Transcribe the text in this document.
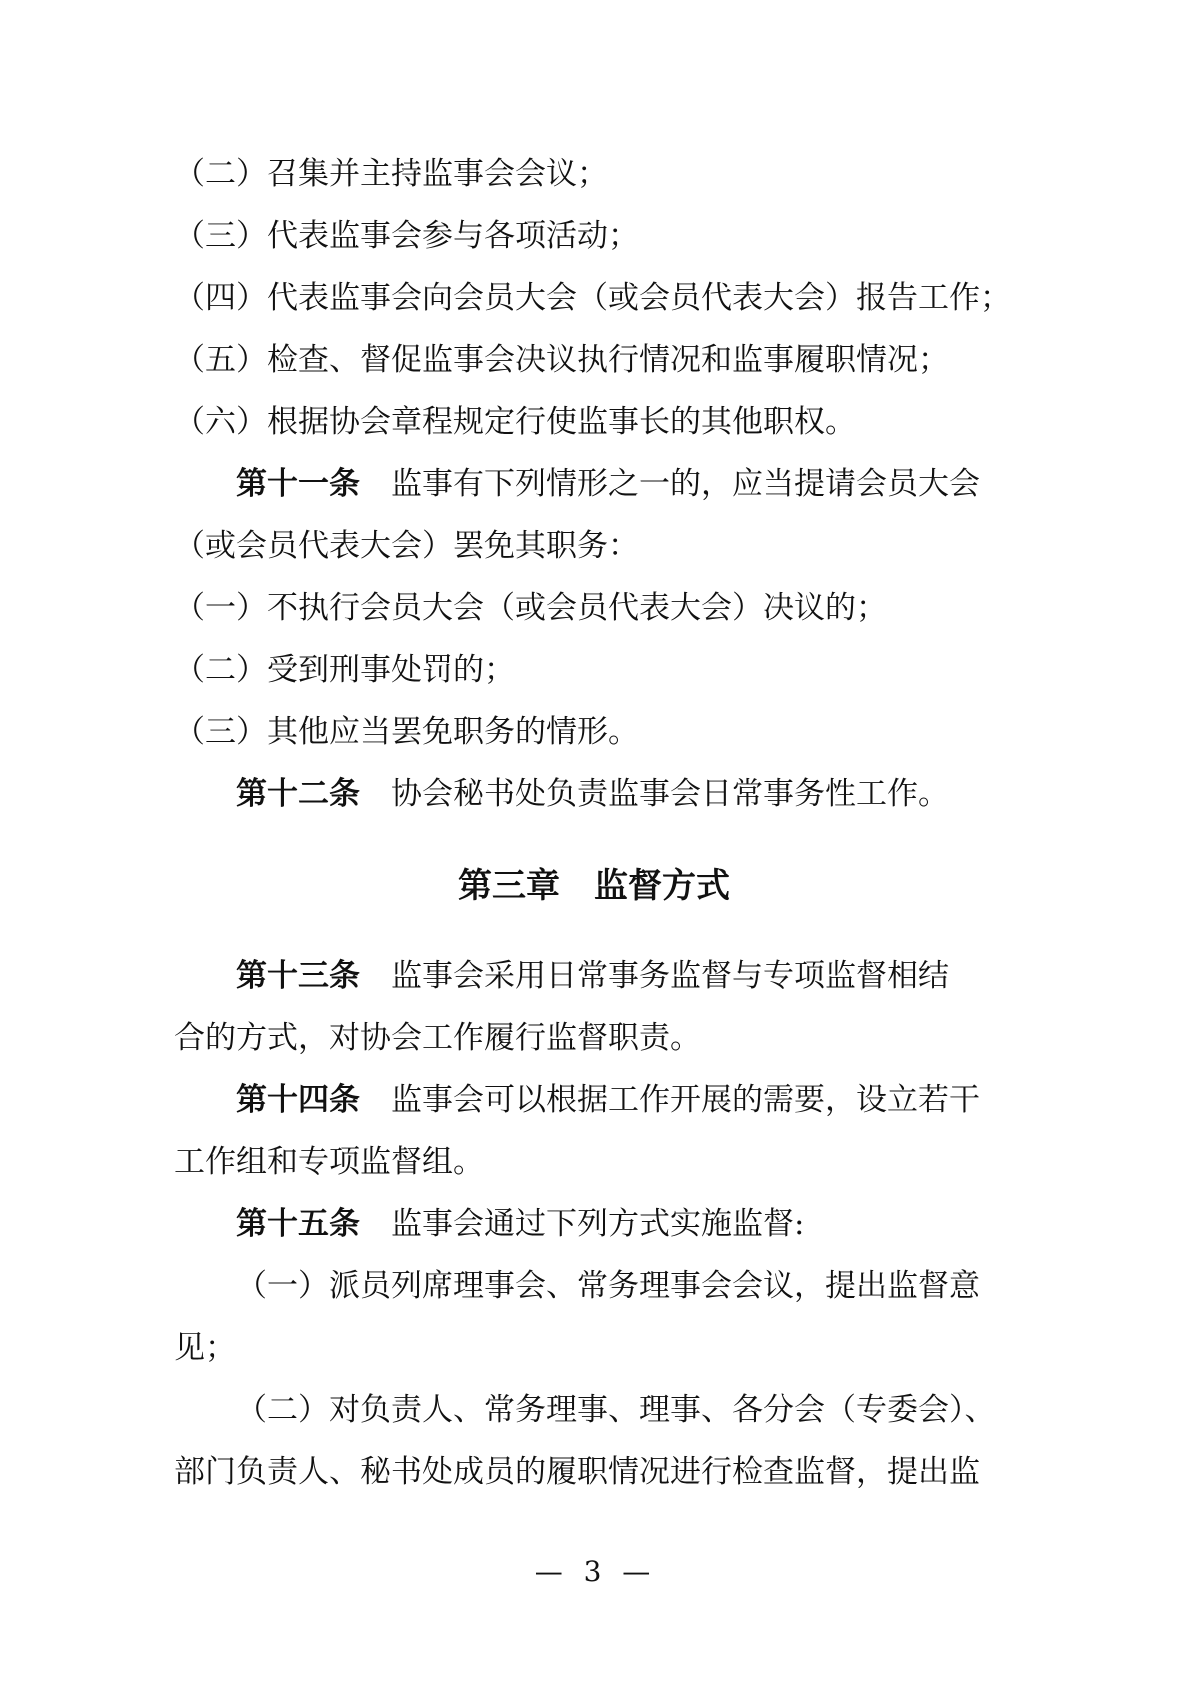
（二）召集并主持监事会会议；
（三）代表监事会参与各项活动；
（四）代表监事会向会员大会（或会员代表大会）报告工作；
（五）检查、督促监事会决议执行情况和监事履职情况；
（六）根据协会章程规定行使监事长的其他职权。
第十一条　监事有下列情形之一的，应当提请会员大会
（或会员代表大会）罢免其职务：
（一）不执行会员大会（或会员代表大会）决议的；
（二）受到刑事处罚的；
（三）其他应当罢免职务的情形。
第十二条　协会秘书处负责监事会日常事务性工作。
第三章　监督方式
第十三条　监事会采用日常事务监督与专项监督相结
合的方式，对协会工作履行监督职责。
第十四条　监事会可以根据工作开展的需要，设立若干
工作组和专项监督组。
第十五条　监事会通过下列方式实施监督:
（一）派员列席理事会、常务理事会会议，提出监督意
见；
（二）对负责人、常务理事、理事、各分会（专委会）、
部门负责人、秘书处成员的履职情况进行检查监督，提出监
— 3 —
